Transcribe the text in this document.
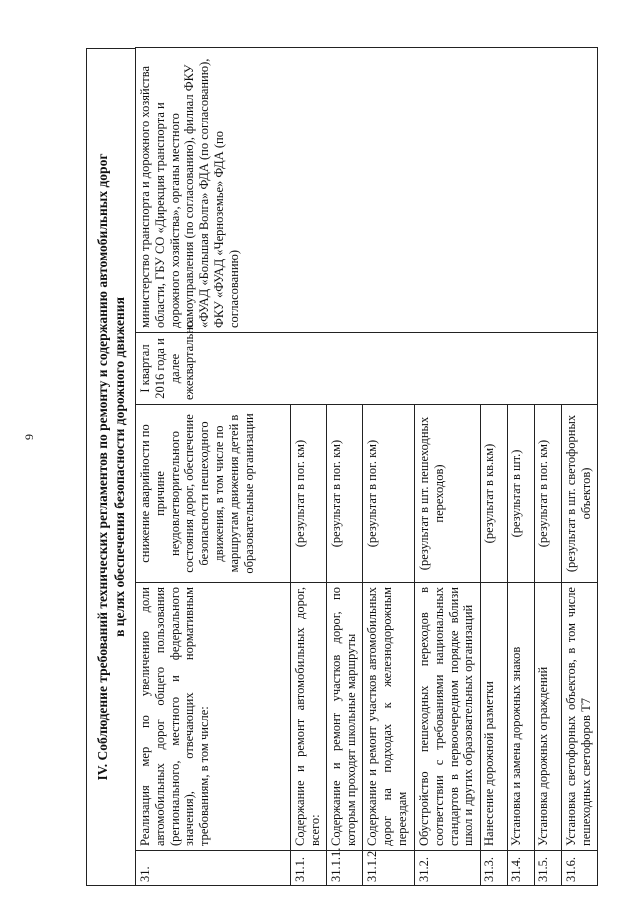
9	IV. Соблюдение требований технических регламентов по ремонту и содержанию автомобильных дорог в целях обеспечения безопасности дорожного движения
31.	Реализация мер по увеличению доли автомобильных дорог общего пользования (регионального, местного и федерального значения), отвечающих нормативным требованиям, в том числе:	снижение аварийности по причине неудовлетворительного состояния дорог, обеспечение безопасности пешеходного движения, в том числе по маршрутам движения детей в образовательные организации	I квартал 2016 года и далее ежеквартально	министерство транспорта и дорожного хозяйства области, ГБУ СО «Дирекция транспорта и дорожного хозяйства», органы местного самоуправления (по согласованию), филиал ФКУ «ФУАД «Большая Волга» ФДА (по согласованию), ФКУ «ФУАД «Черноземье» ФДА (по согласованию)
31.1.	Содержание и ремонт автомобильных дорог, всего:	(результат в пог. км)		
31.1.1.	Содержание и ремонт участков дорог, по которым проходят школьные маршруты	(результат в пог. км)		
31.1.2	Содержание и ремонт участков автомобильных дорог на подходах к железнодорожным переездам	(результат в пог. км)		
31.2.	Обустройство пешеходных переходов в соответствии с требованиями национальных стандартов в первоочередном порядке вблизи школ и других образовательных организаций	(результат в шт. пешеходных переходов)		
31.3.	Нанесение дорожной разметки	(результат в кв.км)		
31.4.	Установка и замена дорожных знаков	(результат в шт.)		
31.5.	Установка дорожных ограждений	(результат в пог. км)		
31.6.	Установка светофорных объектов, в том числе пешеходных светофоров Т7	(результат в шт. светофорных объектов)		
